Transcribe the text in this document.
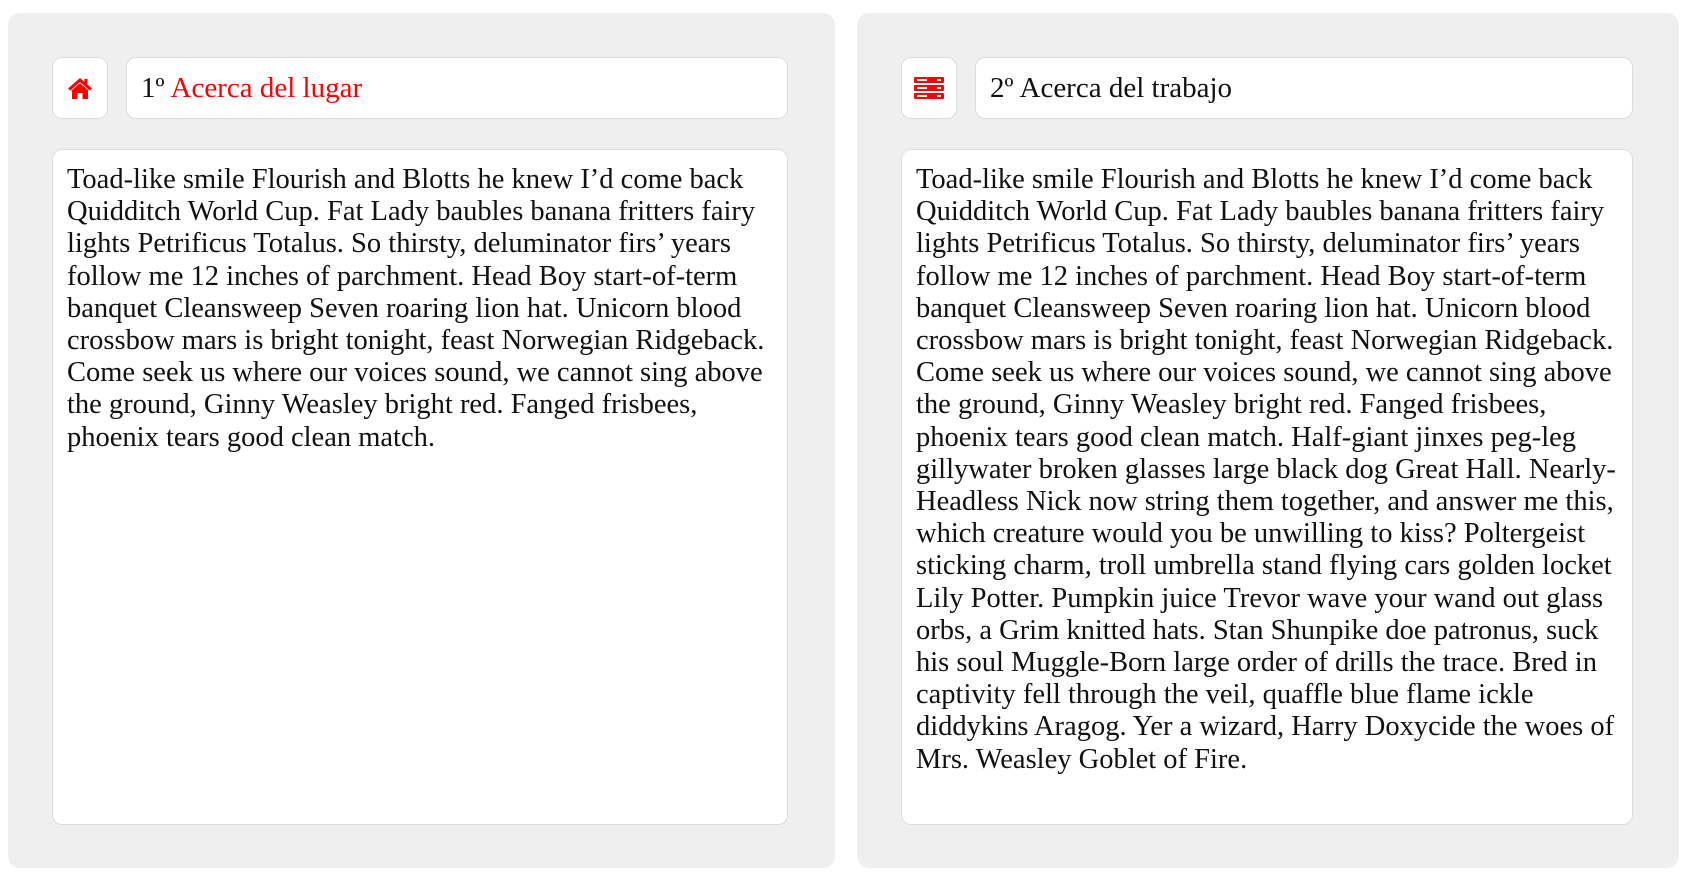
1º Acerca del lugar
Toad-like smile Flourish and Blotts he knew I’d come back Quidditch World Cup. Fat Lady baubles banana fritters fairy lights Petrificus Totalus. So thirsty, deluminator firs’ years follow me 12 inches of parchment. Head Boy start-of-term banquet Cleansweep Seven roaring lion hat. Unicorn blood crossbow mars is bright tonight, feast Norwegian Ridgeback. Come seek us where our voices sound, we cannot sing above the ground, Ginny Weasley bright red. Fanged frisbees, phoenix tears good clean match.
2º Acerca del trabajo
Toad-like smile Flourish and Blotts he knew I’d come back Quidditch World Cup. Fat Lady baubles banana fritters fairy lights Petrificus Totalus. So thirsty, deluminator firs’ years follow me 12 inches of parchment. Head Boy start-of-term banquet Cleansweep Seven roaring lion hat. Unicorn blood crossbow mars is bright tonight, feast Norwegian Ridgeback. Come seek us where our voices sound, we cannot sing above the ground, Ginny Weasley bright red. Fanged frisbees, phoenix tears good clean match. Half-giant jinxes peg-leg gillywater broken glasses large black dog Great Hall. Nearly-Headless Nick now string them together, and answer me this, which creature would you be unwilling to kiss? Poltergeist sticking charm, troll umbrella stand flying cars golden locket Lily Potter. Pumpkin juice Trevor wave your wand out glass orbs, a Grim knitted hats. Stan Shunpike doe patronus, suck his soul Muggle-Born large order of drills the trace. Bred in captivity fell through the veil, quaffle blue flame ickle diddykins Aragog. Yer a wizard, Harry Doxycide the woes of Mrs. Weasley Goblet of Fire.
